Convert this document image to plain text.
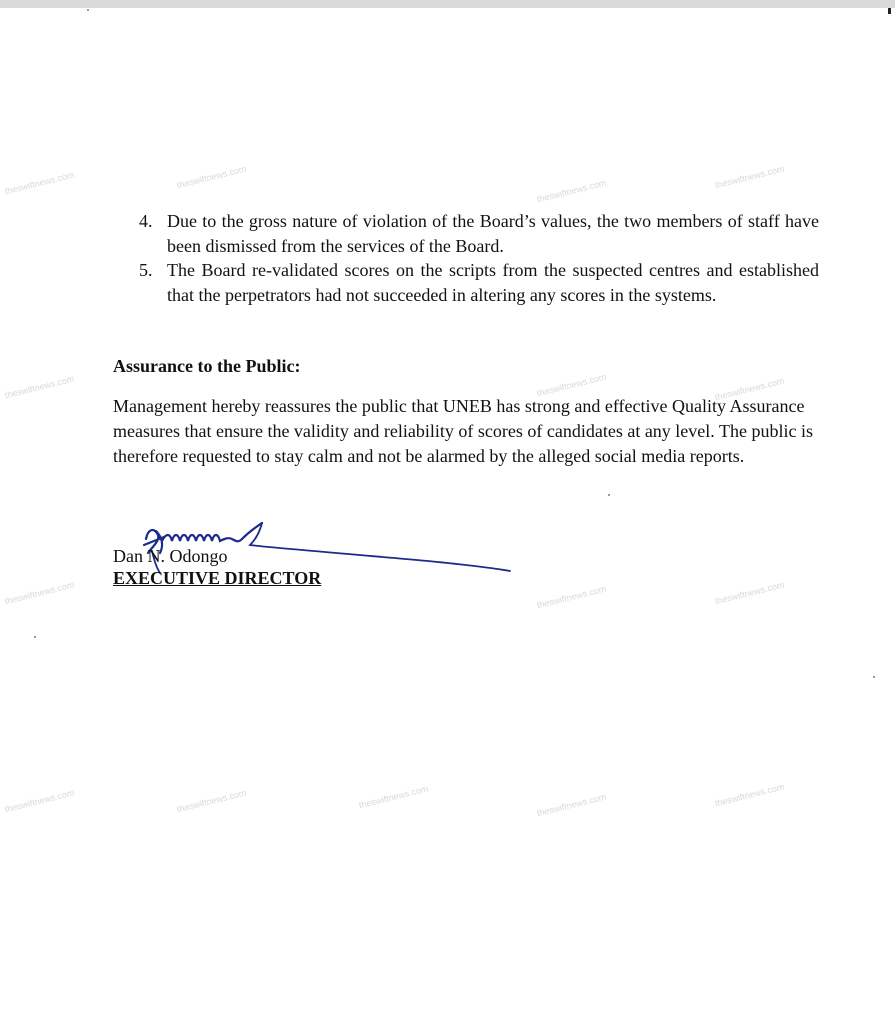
theswiftnews.com	theswiftnews.com
theswiftnews.com
theswiftnews.com
theswiftnews.com	theswiftnews.com	theswiftnews.com
theswiftnews.com	theswiftnews.com	theswiftnews.com
theswiftnews.com	theswiftnews.com	theswiftnews.com	theswiftnews.com	theswiftnews.com
4. Due to the gross nature of violation of the Board’s values, the two members of staff have been dismissed from the services of the Board.
5. The Board re-validated scores on the scripts from the suspected centres and established that the perpetrators had not succeeded in altering any scores in the systems.
Assurance to the Public:

Management hereby reassures the public that UNEB has strong and effective Quality Assurance measures that ensure the validity and reliability of scores of candidates at any level. The public is therefore requested to stay calm and not be alarmed by the alleged social media reports.

Dan N. Odongo

EXECUTIVE DIRECTOR
